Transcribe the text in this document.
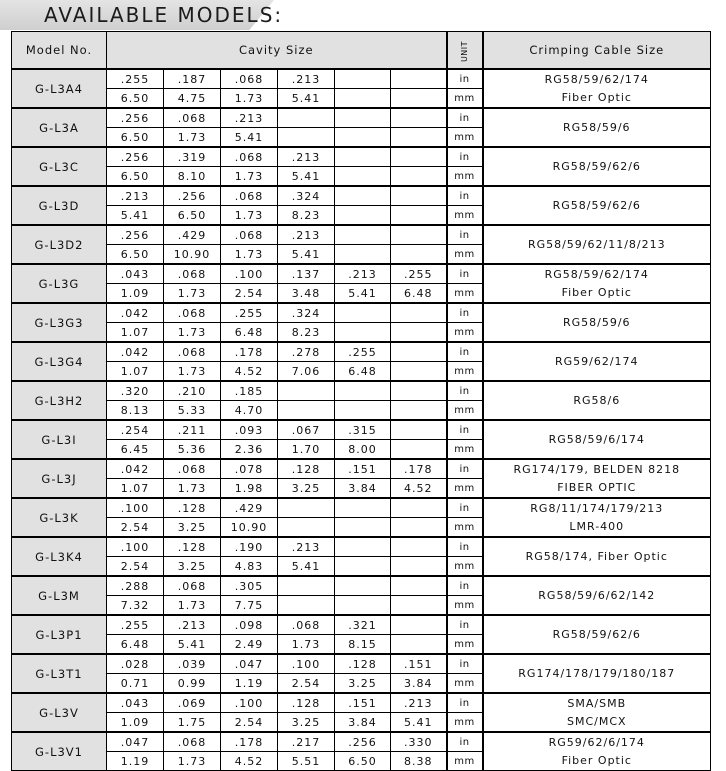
AVAILABLE MODELS:
Model No.	Cavity Size						UNIT	Crimping Cable Size
G-L3A4	.255	.187	.068	.213			in	RG58/59/62/174
Fiber Optic

	6.50	4.75	1.73	5.41			mm	
G-L3A	.256	.068	.213				in	RG58/59/6

	6.50	1.73	5.41				mm	
G-L3C	.256	.319	.068	.213			in	RG58/59/62/6

	6.50	8.10	1.73	5.41			mm	
G-L3D	.213	.256	.068	.324			in	RG58/59/62/6

	5.41	6.50	1.73	8.23			mm	
G-L3D2	.256	.429	.068	.213			in	RG58/59/62/11/8/213

	6.50	10.90	1.73	5.41			mm	
G-L3G	.043	.068	.100	.137	.213	.255	in	RG58/59/62/174
Fiber Optic

	1.09	1.73	2.54	3.48	5.41	6.48	mm	
G-L3G3	.042	.068	.255	.324			in	RG58/59/6

	1.07	1.73	6.48	8.23			mm	
G-L3G4	.042	.068	.178	.278	.255		in	RG59/62/174

	1.07	1.73	4.52	7.06	6.48		mm	
G-L3H2	.320	.210	.185				in	RG58/6

	8.13	5.33	4.70				mm	
G-L3I	.254	.211	.093	.067	.315		in	RG58/59/6/174

	6.45	5.36	2.36	1.70	8.00		mm	
G-L3J	.042	.068	.078	.128	.151	.178	in	RG174/179, BELDEN 8218
FIBER OPTIC

	1.07	1.73	1.98	3.25	3.84	4.52	mm	
G-L3K	.100	.128	.429				in	RG8/11/174/179/213
LMR-400

	2.54	3.25	10.90				mm	
G-L3K4	.100	.128	.190	.213			in	RG58/174, Fiber Optic

	2.54	3.25	4.83	5.41			mm	
G-L3M	.288	.068	.305				in	RG58/59/6/62/142

	7.32	1.73	7.75				mm	
G-L3P1	.255	.213	.098	.068	.321		in	RG58/59/62/6

	6.48	5.41	2.49	1.73	8.15		mm	
G-L3T1	.028	.039	.047	.100	.128	.151	in	RG174/178/179/180/187

	0.71	0.99	1.19	2.54	3.25	3.84	mm	
G-L3V	.043	.069	.100	.128	.151	.213	in	SMA/SMB
SMC/MCX

	1.09	1.75	2.54	3.25	3.84	5.41	mm	
G-L3V1	.047	.068	.178	.217	.256	.330	in	RG59/62/6/174
Fiber Optic

	1.19	1.73	4.52	5.51	6.50	8.38	mm	
